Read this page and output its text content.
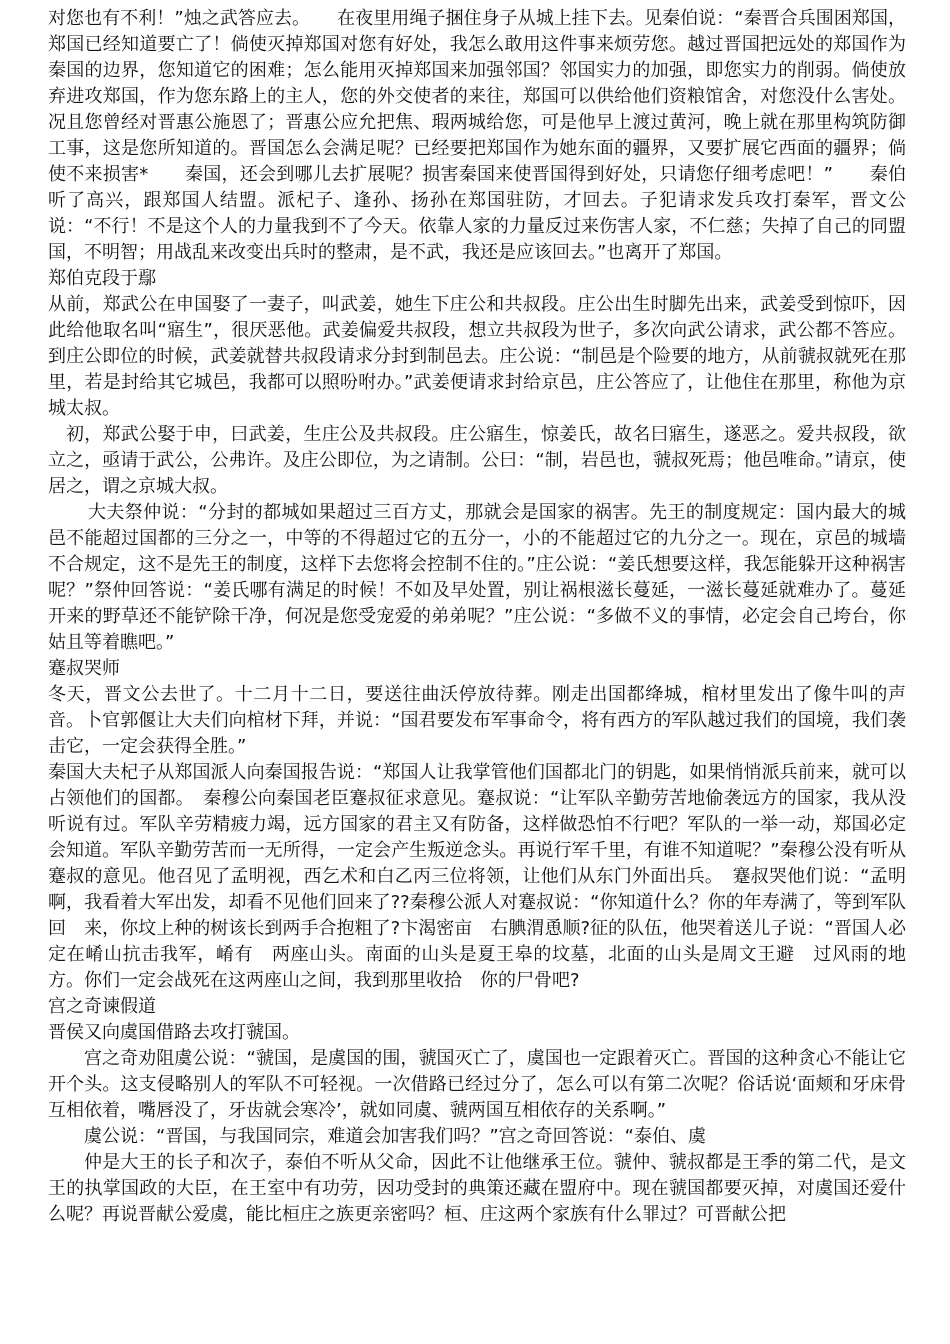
对您也有不利！”烛之武答应去。　　在夜里用绳子捆住身子从城上挂下去。见秦伯说：“秦晋合兵围困郑国，郑国已经知道要亡了！倘使灭掉郑国对您有好处，我怎么敢用这件事来烦劳您。越过晋国把远处的郑国作为秦国的边界，您知道它的困难；怎么能用灭掉郑国来加强邻国？邻国实力的加强，即您实力的削弱。倘使放弃进攻郑国，作为您东路上的主人，您的外交使者的来往，郑国可以供给他们资粮馆舍，对您没什么害处。况且您曾经对晋惠公施恩了；晋惠公应允把焦、瑕两城给您，可是他早上渡过黄河，晚上就在那里构筑防御工事，这是您所知道的。晋国怎么会满足呢？已经要把郑国作为她东面的疆界，又要扩展它西面的疆界；倘使不来损害*　　秦国，还会到哪儿去扩展呢？损害秦国来使晋国得到好处，只请您仔细考虑吧！”　　秦伯听了高兴，跟郑国人结盟。派杞子、逢孙、扬孙在郑国驻防，才回去。子犯请求发兵攻打秦军，晋文公说：“不行！不是这个人的力量我到不了今天。依靠人家的力量反过来伤害人家，不仁慈；失掉了自己的同盟国，不明智；用战乱来改变出兵时的整肃，是不武，我还是应该回去。”也离开了郑国。

郑伯克段于鄢

从前，郑武公在申国娶了一妻子，叫武姜，她生下庄公和共叔段。庄公出生时脚先出来，武姜受到惊吓，因此给他取名叫“寤生”，很厌恶他。武姜偏爱共叔段，想立共叔段为世子，多次向武公请求，武公都不答应。到庄公即位的时候，武姜就替共叔段请求分封到制邑去。庄公说：“制邑是个险要的地方，从前虢叔就死在那里，若是封给其它城邑，我都可以照吩咐办。”武姜便请求封给京邑，庄公答应了，让他住在那里，称他为京城太叔。

初，郑武公娶于申，曰武姜，生庄公及共叔段。庄公寤生，惊姜氏，故名曰寤生，遂恶之。爱共叔段，欲立之，亟请于武公，公弗许。及庄公即位，为之请制。公曰：“制，岩邑也，虢叔死焉；他邑唯命。”请京，使居之，谓之京城大叔。

大夫祭仲说：“分封的都城如果超过三百方丈，那就会是国家的祸害。先王的制度规定：国内最大的城邑不能超过国都的三分之一，中等的不得超过它的五分一，小的不能超过它的九分之一。现在，京邑的城墙不合规定，这不是先王的制度，这样下去您将会控制不住的。”庄公说：“姜氏想要这样，我怎能躲开这种祸害呢？”祭仲回答说：“姜氏哪有满足的时候！不如及早处置，别让祸根滋长蔓延，一滋长蔓延就难办了。蔓延开来的野草还不能铲除干净，何况是您受宠爱的弟弟呢？”庄公说：“多做不义的事情，必定会自己垮台，你姑且等着瞧吧。”

蹇叔哭师

冬天，晋文公去世了。十二月十二日，要送往曲沃停放待葬。刚走出国都绛城，棺材里发出了像牛叫的声音。卜官郭偃让大夫们向棺材下拜，并说：“国君要发布军事命令，将有西方的军队越过我们的国境，我们袭击它，一定会获得全胜。”

秦国大夫杞子从郑国派人向秦国报告说：“郑国人让我掌管他们国都北门的钥匙，如果悄悄派兵前来，就可以占领他们的国都。　秦穆公向秦国老臣蹇叔征求意见。蹇叔说：“让军队辛勤劳苦地偷袭远方的国家，我从没听说有过。军队辛劳精疲力竭，远方国家的君主又有防备，这样做恐怕不行吧？军队的一举一动，郑国必定会知道。军队辛勤劳苦而一无所得，一定会产生叛逆念头。再说行军千里，有谁不知道呢？”秦穆公没有听从蹇叔的意见。他召见了孟明视，西乞术和白乙丙三位将领，让他们从东门外面出兵。　蹇叔哭他们说：“孟明啊，我看着大军出发，却看不见他们回来了??秦穆公派人对蹇叔说：“你知道什么？你的年寿满了，等到军队回　来，你坟上种的树该长到两手合抱粗了?卞渴密亩　右腆渭恿顺?征的队伍，他哭着送儿子说：“晋国人必定在崤山抗击我军，崤有　两座山头。南面的山头是夏王皋的坟墓，北面的山头是周文王避　过风雨的地方。你们一定会战死在这两座山之间，我到那里收拾　你的尸骨吧?

宫之奇谏假道

晋侯又向虞国借路去攻打虢国。

宫之奇劝阻虞公说：“虢国，是虞国的围，虢国灭亡了，虞国也一定跟着灭亡。晋国的这种贪心不能让它开个头。这支侵略别人的军队不可轻视。一次借路已经过分了，怎么可以有第二次呢？俗话说‘面颊和牙床骨互相依着，嘴唇没了，牙齿就会寒冷’，就如同虞、虢两国互相依存的关系啊。”

虞公说：“晋国，与我国同宗，难道会加害我们吗？”宫之奇回答说：“泰伯、虞

仲是大王的长子和次子，泰伯不听从父命，因此不让他继承王位。虢仲、虢叔都是王季的第二代，是文王的执掌国政的大臣，在王室中有功劳，因功受封的典策还藏在盟府中。现在虢国都要灭掉，对虞国还爱什么呢？再说晋献公爱虞，能比桓庄之族更亲密吗？桓、庄这两个家族有什么罪过？可晋献公把
